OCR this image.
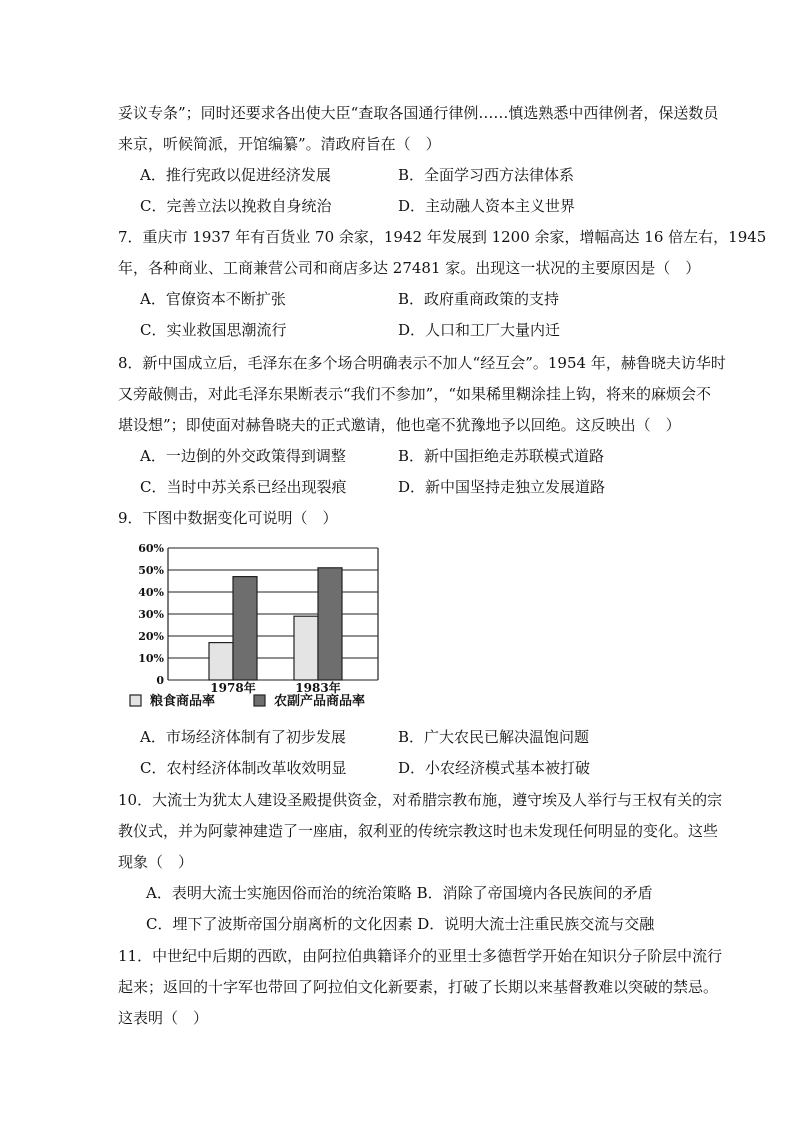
妥议专条”；同时还要求各出使大臣“查取各国通行律例……慎选熟悉中西律例者，保送数员
来京，听候简派，开馆编纂”。清政府旨在（　）
A．推行宪政以促进经济发展	B．全面学习西方法律体系
C．完善立法以挽救自身统治	D．主动融人资本主义世界
7．重庆市 1937 年有百货业 70 余家，1942 年发展到 1200 余家，增幅高达 16 倍左右，1945
年，各种商业、工商兼营公司和商店多达 27481 家。出现这一状况的主要原因是（　）
A．官僚资本不断扩张	B．政府重商政策的支持
C．实业救国思潮流行	D．人口和工厂大量内迁
8．新中国成立后，毛泽东在多个场合明确表示不加人“经互会”。1954 年，赫鲁晓夫访华时
又旁敲侧击，对此毛泽东果断表示“我们不参加”，“如果稀里糊涂挂上钩，将来的麻烦会不
堪设想”；即使面对赫鲁晓夫的正式邀请，他也毫不犹豫地予以回绝。这反映出（　）
A．一边倒的外交政策得到调整	B．新中国拒绝走苏联模式道路
C．当时中苏关系已经出现裂痕	D．新中国坚持走独立发展道路
9．下图中数据变化可说明（　）
0
10%
20%
30%
40%
50%
60%
1978年	1983年
粮食商品率	农副产品商品率
A．市场经济体制有了初步发展	B．广大农民已解决温饱问题
C．农村经济体制改革收效明显	D．小农经济模式基本被打破
10．大流士为犹太人建设圣殿提供资金，对希腊宗教布施，遵守埃及人举行与王权有关的宗
教仪式，并为阿蒙神建造了一座庙，叙利亚的传统宗教这时也未发现任何明显的变化。这些
现象（　）
A．表明大流士实施因俗而治的统治策略 B．消除了帝国境内各民族间的矛盾
C．埋下了波斯帝国分崩离析的文化因素 D．说明大流士注重民族交流与交融
11．中世纪中后期的西欧，由阿拉伯典籍译介的亚里士多德哲学开始在知识分子阶层中流行
起来；返回的十字军也带回了阿拉伯文化新要素，打破了长期以来基督教难以突破的禁忌。
这表明（　）
